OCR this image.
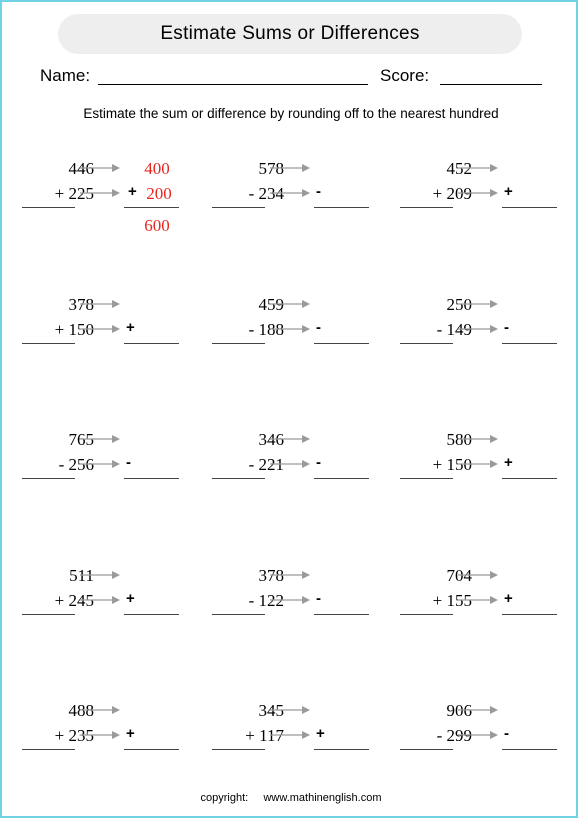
Estimate Sums or Differences
Name:	Score:
Estimate the sum or difference by rounding off to the nearest hundred
446
+ 225
400
+ 200
600
578
- 234 -
452
+ 209 +
378
+ 150 +
459
- 188 -
250
- 149 -
765
- 256 -
346
- 221 -
580
+ 150 +
511
+ 245 +
378
- 122 -
704
+ 155 +
488
+ 235 +
345
+ 117 +
906
- 299 -
copyright: www.mathinenglish.com
